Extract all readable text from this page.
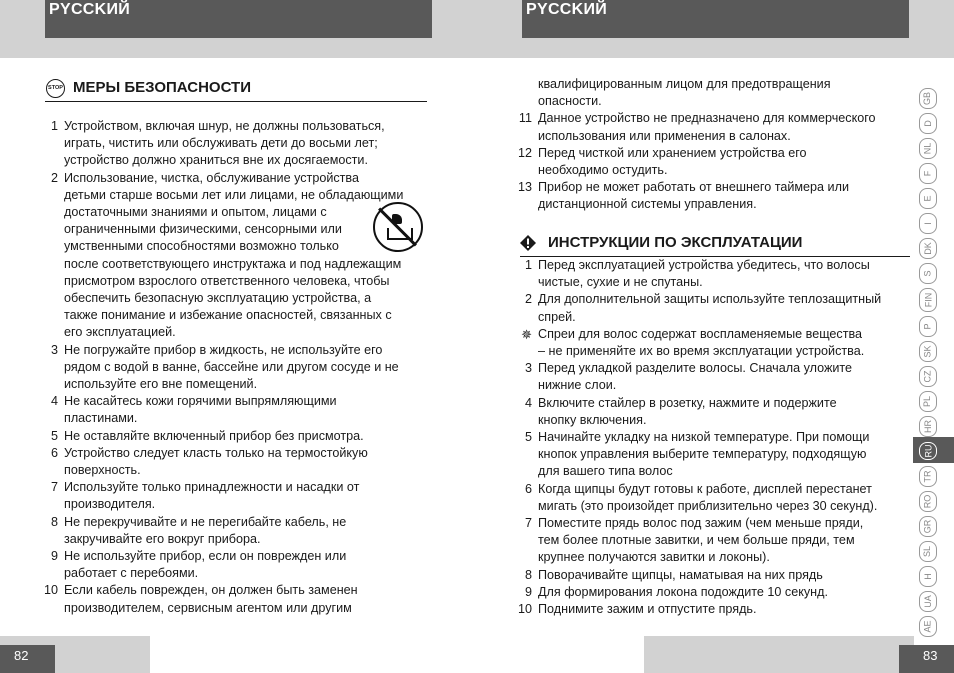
PYCCKИЙ	PYCCKИЙ
STOP МЕРЫ БЕЗОПАСНОСТИ
1 Устройством, включая шнур, не должны пользоваться,
играть, чистить или обслуживать дети до восьми лет;
устройство должно храниться вне их досягаемости.
2 Использование, чистка, обслуживание устройства
детьми старше восьми лет или лицами, не обладающими
достаточными знаниями и опытом, лицами с
ограниченными физическими, сенсорными или
умственными способностями возможно только
после соответствующего инструктажа и под надлежащим
присмотром взрослого ответственного человека, чтобы
обеспечить безопасную эксплуатацию устройства, а
также понимание и избежание опасностей, связанных с
его эксплуатацией.
3 Не погружайте прибор в жидкость, не используйте его
рядом с водой в ванне, бассейне или другом сосуде и не
используйте его вне помещений.
4 Не касайтесь кожи горячими выпрямляющими
пластинами.
5 Не оставляйте включенный прибор без присмотра.
6 Устройство следует класть только на термостойкую
поверхность.
7 Используйте только принадлежности и насадки от
производителя.
8 Не перекручивайте и не перегибайте кабель, не
закручивайте его вокруг прибора.
9 Не используйте прибор, если он поврежден или
работает с перебоями.
10 Если кабель поврежден, он должен быть заменен
производителем, сервисным агентом или другим
квалифицированным лицом для предотвращения
опасности.
11 Данное устройство не предназначено для коммерческого
использования или применения в салонах.
12 Перед чисткой или хранением устройства его
необходимо остудить.
13 Прибор не может работать от внешнего таймера или
дистанционной системы управления.
ИНСТРУКЦИИ ПО ЭКСПЛУАТАЦИИ
1 Перед эксплуатацией устройства убедитесь, что волосы
чистые, сухие и не спутаны.
2 Для дополнительной защиты используйте теплозащитный
спрей.
✵ Спреи для волос содержат воспламеняемые вещества
– не применяйте их во время эксплуатации устройства.
3 Перед укладкой разделите волосы. Сначала уложите
нижние слои.
4 Включите стайлер в розетку, нажмите и подержите
кнопку включения.
5 Начинайте укладку на низкой температуре. При помощи
кнопок управления выберите температуру, подходящую
для вашего типа волос
6 Когда щипцы будут готовы к работе, дисплей перестанет
мигать (это произойдет приблизительно через 30 секунд).
7 Поместите прядь волос под зажим (чем меньше пряди,
тем более плотные завитки, и чем больше пряди, тем
крупнее получаются завитки и локоны).
8 Поворачивайте щипцы, наматывая на них прядь
9 Для формирования локона подождите 10 секунд.
10 Поднимите зажим и отпустите прядь.
GB
D
NL
F
E
I
DK
S
FIN
P
SK
CZ
PL
HR
RU
TR
RO
GR
SL
H
UA
AE
82	83
